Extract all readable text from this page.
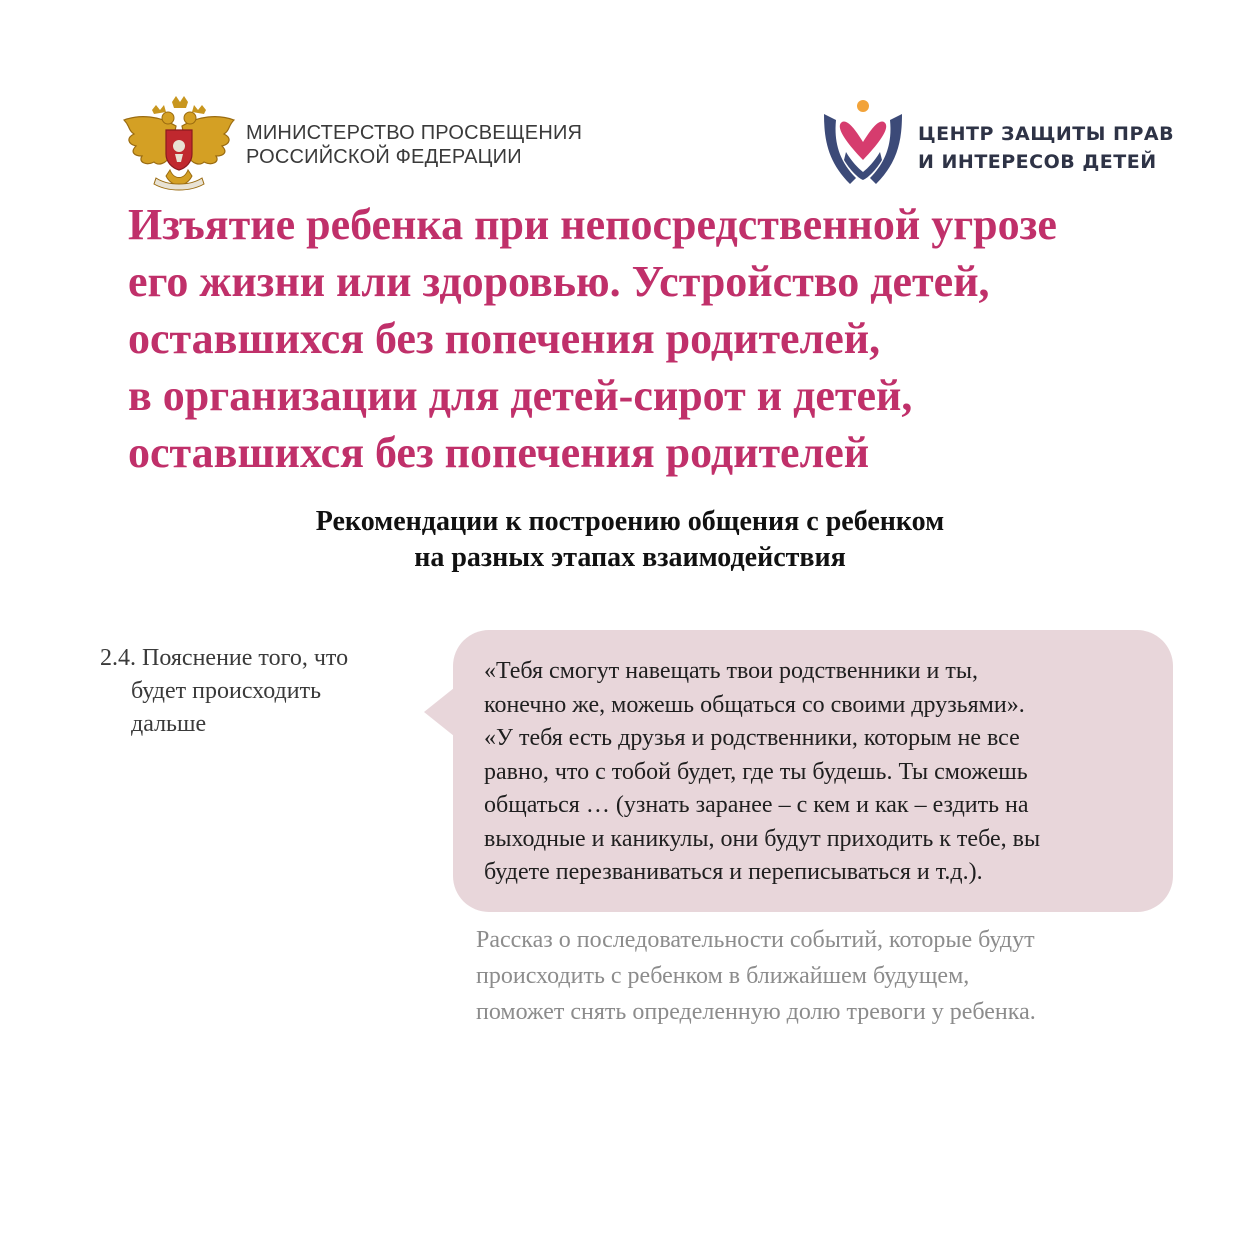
МИНИСТЕРСТВО ПРОСВЕЩЕНИЯ
РОССИЙСКОЙ ФЕДЕРАЦИИ
ЦЕНТР ЗАЩИТЫ ПРАВ
И ИНТЕРЕСОВ ДЕТЕЙ
Изъятие ребенка при непосредственной угрозе
его жизни или здоровью. Устройство детей,
оставшихся без попечения родителей,
в организации для детей-сирот и детей,
оставшихся без попечения родителей
Рекомендации к построению общения с ребенком
на разных этапах взаимодействия
2.4. Пояснение того, что
будет происходить
дальше
«Тебя смогут навещать твои родственники и ты,
конечно же, можешь общаться со своими друзьями».
«У тебя есть друзья и родственники, которым не все
равно, что с тобой будет, где ты будешь. Ты сможешь
общаться … (узнать заранее – с кем и как – ездить на
выходные и каникулы, они будут приходить к тебе, вы
будете перезваниваться и переписываться и т.д.).
Рассказ о последовательности событий, которые будут
происходить с ребенком в ближайшем будущем,
поможет снять определенную долю тревоги у ребенка.
